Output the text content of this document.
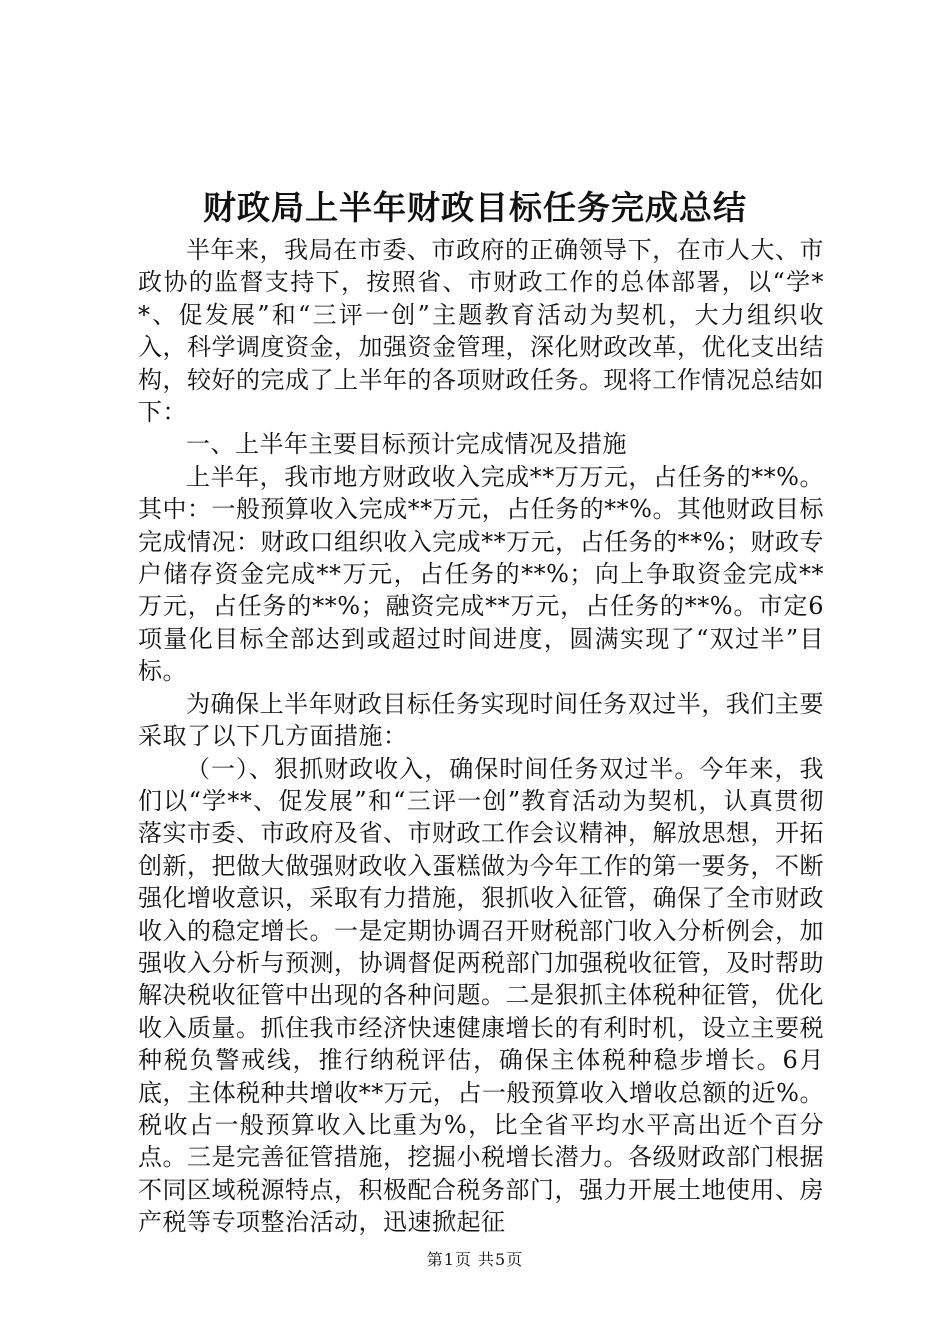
财政局上半年财政目标任务完成总结

半年来，我局在市委、市政府的正确领导下，在市人大、市政协的监督支持下，按照省、市财政工作的总体部署，以“学**、促发展”和“三评一创”主题教育活动为契机，大力组织收入，科学调度资金，加强资金管理，深化财政改革，优化支出结构，较好的完成了上半年的各项财政任务。现将工作情况总结如下：

一、上半年主要目标预计完成情况及措施

上半年，我市地方财政收入完成**万万元，占任务的**%。其中：一般预算收入完成**万元，占任务的**%。其他财政目标完成情况：财政口组织收入完成**万元，占任务的**%；财政专户储存资金完成**万元，占任务的**%；向上争取资金完成**万元，占任务的**%；融资完成**万元，占任务的**%。市定6项量化目标全部达到或超过时间进度，圆满实现了“双过半”目标。

为确保上半年财政目标任务实现时间任务双过半，我们主要采取了以下几方面措施：

（一）、狠抓财政收入，确保时间任务双过半。今年来，我们以“学**、促发展”和“三评一创”教育活动为契机，认真贯彻落实市委、市政府及省、市财政工作会议精神，解放思想，开拓创新，把做大做强财政收入蛋糕做为今年工作的第一要务，不断强化增收意识，采取有力措施，狠抓收入征管，确保了全市财政收入的稳定增长。一是定期协调召开财税部门收入分析例会，加强收入分析与预测，协调督促两税部门加强税收征管，及时帮助解决税收征管中出现的各种问题。二是狠抓主体税种征管，优化收入质量。抓住我市经济快速健康增长的有利时机，设立主要税种税负警戒线，推行纳税评估，确保主体税种稳步增长。6月底，主体税种共增收**万元，占一般预算收入增收总额的近%。税收占一般预算收入比重为%，比全省平均水平高出近个百分点。三是完善征管措施，挖掘小税增长潜力。各级财政部门根据不同区域税源特点，积极配合税务部门，强力开展土地使用、房产税等专项整治活动，迅速掀起征

第1页 共5页
